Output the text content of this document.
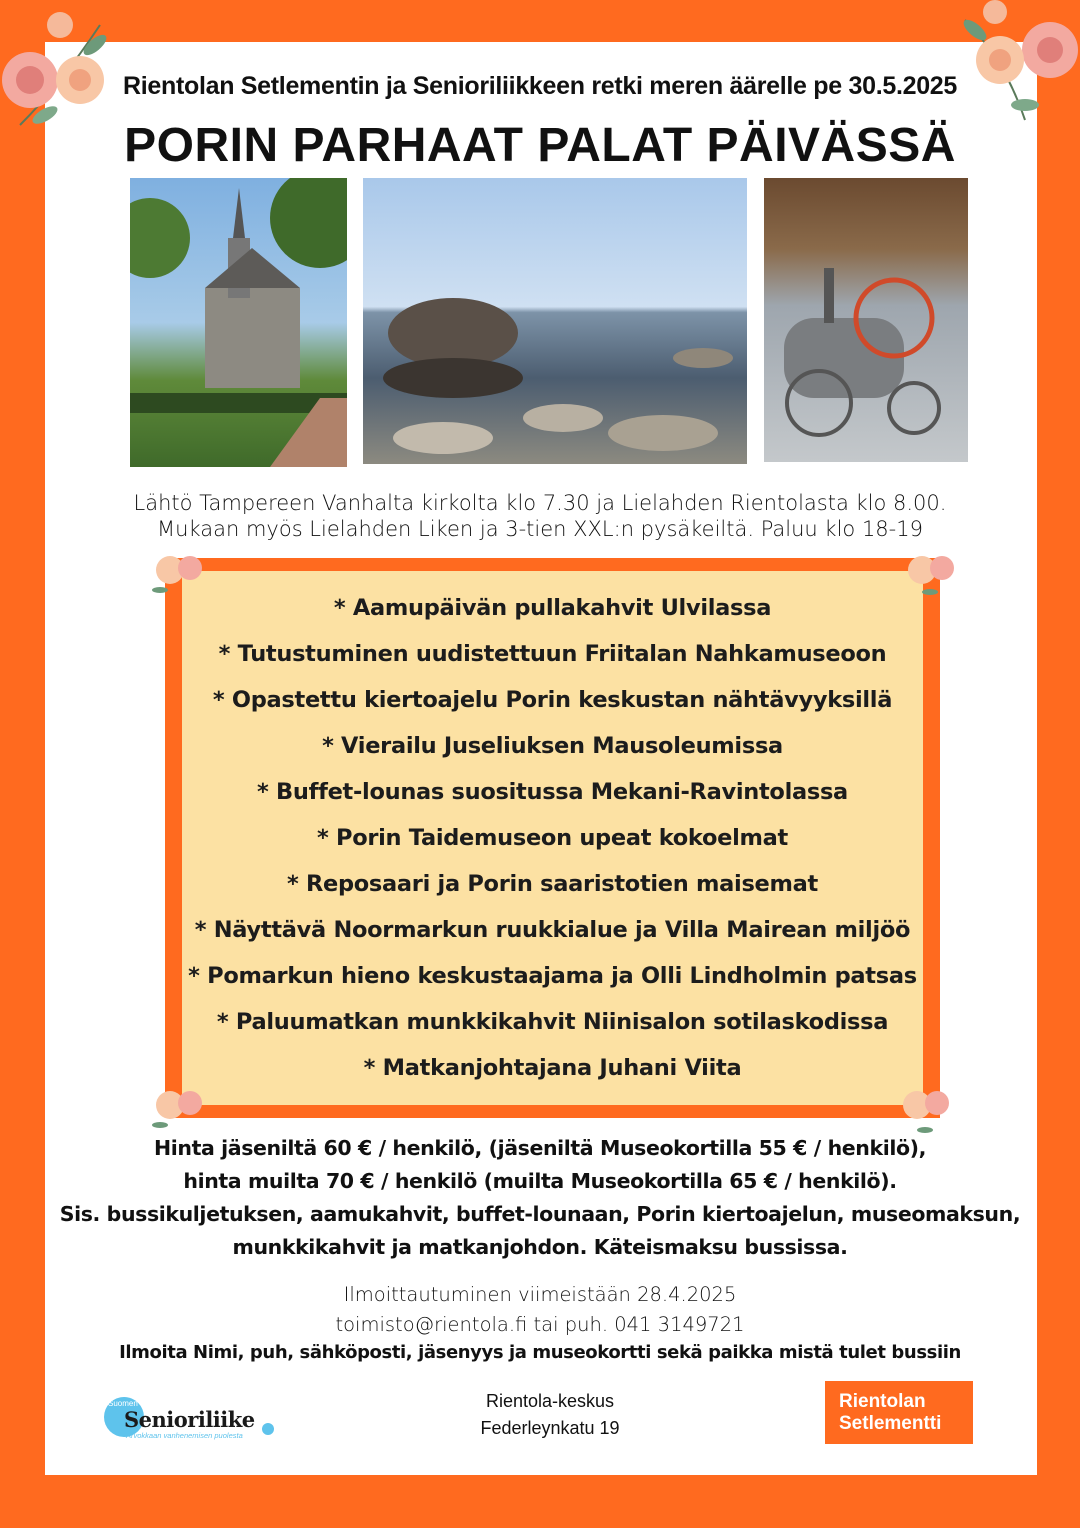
Rientolan Setlementin ja Senioriliikkeen retki meren äärelle pe 30.5.2025
PORIN PARHAAT PALAT PÄIVÄSSÄ
Lähtö Tampereen Vanhalta kirkolta klo 7.30 ja Lielahden Rientolasta klo 8.00.
Mukaan myös Lielahden Liken ja 3-tien XXL:n pysäkeiltä. Paluu klo 18-19
* Aamupäivän pullakahvit Ulvilassa
* Tutustuminen uudistettuun Friitalan Nahkamuseoon
* Opastettu kiertoajelu Porin keskustan nähtävyyksillä
* Vierailu Juseliuksen Mausoleumissa
* Buffet-lounas suositussa Mekani-Ravintolassa
* Porin Taidemuseon upeat kokoelmat
* Reposaari ja Porin saaristotien maisemat
* Näyttävä Noormarkun ruukkialue ja Villa Mairean miljöö
* Pomarkun hieno keskustaajama ja Olli Lindholmin patsas
* Paluumatkan munkkikahvit Niinisalon sotilaskodissa
* Matkanjohtajana Juhani Viita
Hinta jäseniltä 60 € / henkilö, (jäseniltä Museokortilla 55 € / henkilö),
hinta muilta 70 € / henkilö (muilta Museokortilla 65 € / henkilö).
Sis. bussikuljetuksen, aamukahvit, buffet-lounaan, Porin kiertoajelun, museomaksun,
munkkikahvit ja matkanjohdon. Käteismaksu bussissa.
Ilmoittautuminen viimeistään 28.4.2025
toimisto@rientola.fi tai puh. 041 3149721
Ilmoita Nimi, puh, sähköposti, jäsenyys ja museokortti sekä paikka mistä tulet bussiin
Suomen
Senioriliike
Arvokkaan vanhenemisen puolesta
Rientola-keskus
Federleynkatu 19
Rientolan
Setlementti
